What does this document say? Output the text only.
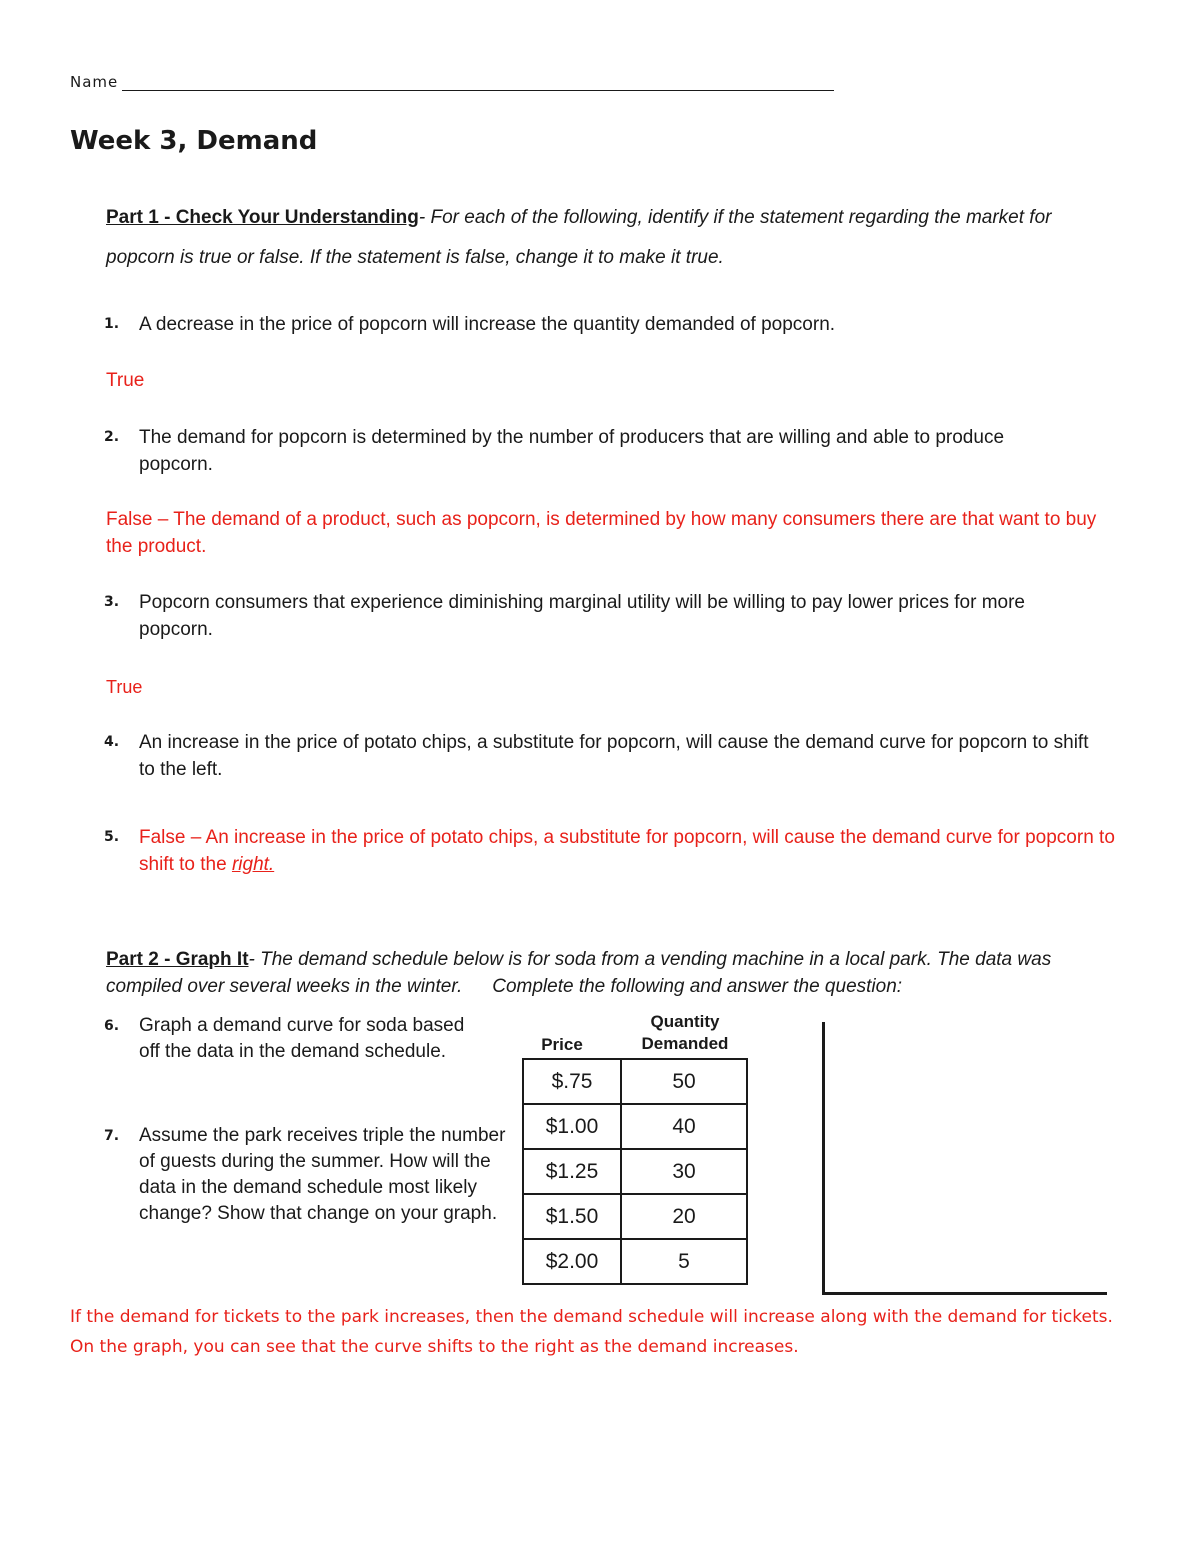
Name
Week 3, Demand
Part 1 - Check Your Understanding- For each of the following, identify if the statement regarding the market for popcorn is true or false. If the statement is false, change it to make it true.
1. A decrease in the price of popcorn will increase the quantity demanded of popcorn.
True
2. The demand for popcorn is determined by the number of producers that are willing and able to produce popcorn.
False – The demand of a product, such as popcorn, is determined by how many consumers there are that want to buy the product.
3. Popcorn consumers that experience diminishing marginal utility will be willing to pay lower prices for more popcorn.
True
4. An increase in the price of potato chips, a substitute for popcorn, will cause the demand curve for popcorn to shift to the left.
5. False – An increase in the price of potato chips, a substitute for popcorn, will cause the demand curve for popcorn to shift to the right.
Part 2 - Graph It- The demand schedule below is for soda from a vending machine in a local park. The data was compiled over several weeks in the winter. Complete the following and answer the question:
6. Graph a demand curve for soda based off the data in the demand schedule.
7. Assume the park receives triple the number of guests during the summer. How will the data in the demand schedule most likely change? Show that change on your graph.
Price
Quantity Demanded
$.75	50
$1.00	40
$1.25	30
$1.50	20
$2.00	5
If the demand for tickets to the park increases, then the demand schedule will increase along with the demand for tickets. On the graph, you can see that the curve shifts to the right as the demand increases.
